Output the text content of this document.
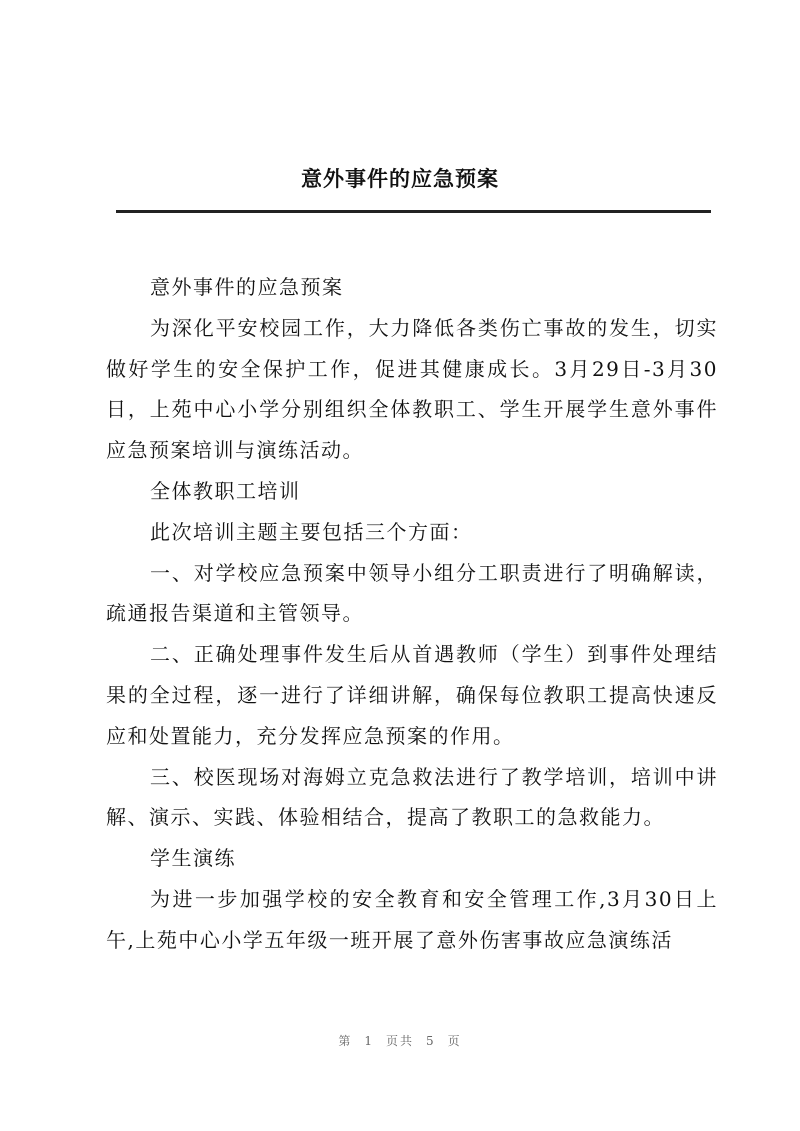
意外事件的应急预案

意外事件的应急预案

为深化平安校园工作，大力降低各类伤亡事故的发生，切实做好学生的安全保护工作，促进其健康成长。3月29日-3月30日，上苑中心小学分别组织全体教职工、学生开展学生意外事件应急预案培训与演练活动。

全体教职工培训

此次培训主题主要包括三个方面：

一、对学校应急预案中领导小组分工职责进行了明确解读，疏通报告渠道和主管领导。

二、正确处理事件发生后从首遇教师（学生）到事件处理结果的全过程，逐一进行了详细讲解，确保每位教职工提高快速反应和处置能力，充分发挥应急预案的作用。

三、校医现场对海姆立克急救法进行了教学培训，培训中讲解、演示、实践、体验相结合，提高了教职工的急救能力。

学生演练

为进一步加强学校的安全教育和安全管理工作,3月30日上午,上苑中心小学五年级一班开展了意外伤害事故应急演练活

第 1 页共 5 页
